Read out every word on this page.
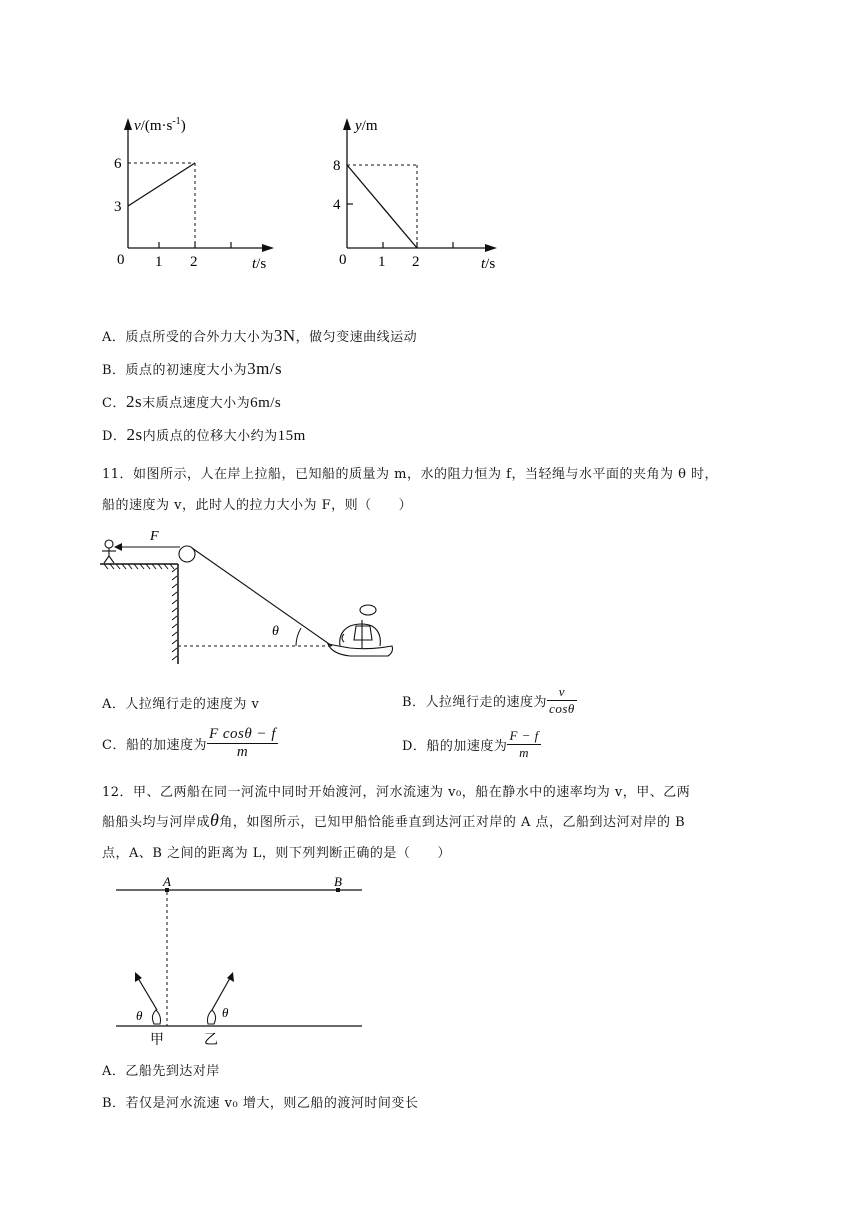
$v/(m\cdot s^{-1})$
6
3
0 1 2	t/s
y/m
8
4
0 1 2	t/s
A．质点所受的合外力大小为3N，做匀变速曲线运动
B．质点的初速度大小为3m/s
C．2s末质点速度大小为6m/s
D．2s内质点的位移大小约为15m
11．如图所示，人在岸上拉船，已知船的质量为 m，水的阻力恒为 f，当轻绳与水平面的夹角为 θ 时，
船的速度为 v，此时人的拉力大小为 F，则（　　）
F
θ
A．人拉绳行走的速度为 v	B．人拉绳行走的速度为 $\frac{v}{\cos\theta}$
C．船的加速度为 $\frac{\text{F cosθ − f}}{m}$	D．船的加速度为 $\frac{F - f}{m}$
12．甲、乙两船在同一河流中同时开始渡河，河水流速为 v₀，船在静水中的速率均为 v，甲、乙两
船船头均与河岸成θ角，如图所示，已知甲船恰能垂直到达河正对岸的 A 点，乙船到达河对岸的 B
点，A、B 之间的距离为 L，则下列判断正确的是（　　）
A	B
θ
甲
θ
乙
A．乙船先到达对岸
B．若仅是河水流速 v₀ 增大，则乙船的渡河时间变长
